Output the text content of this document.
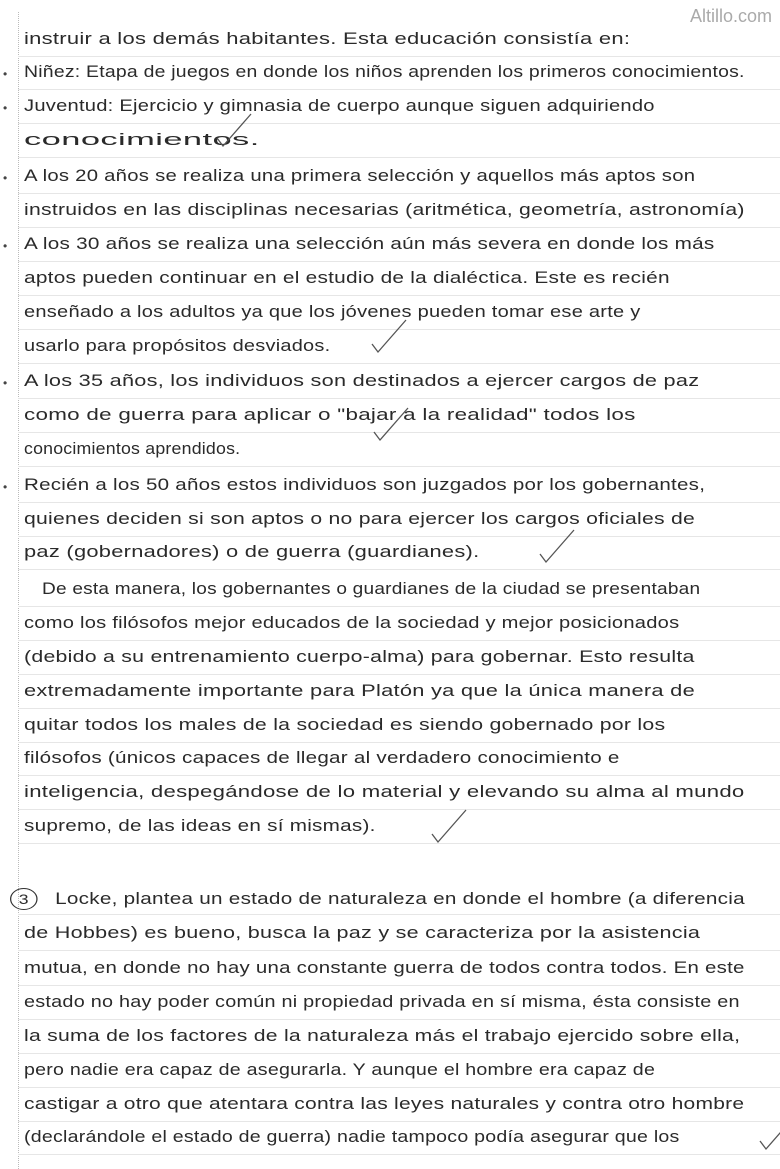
Altillo.com
instruir a los demás habitantes. Esta educación consistía en:
• Niñez: Etapa de juegos en donde los niños aprenden los primeros conocimientos.
• Juventud: Ejercicio y gimnasia de cuerpo aunque siguen adquiriendo
conocimientos.
• A los 20 años se realiza una primera selección y aquellos más aptos son
instruidos en las disciplinas necesarias (aritmética, geometría, astronomía)
• A los 30 años se realiza una selección aún más severa en donde los más
aptos pueden continuar en el estudio de la dialéctica. Este es recién
enseñado a los adultos ya que los jóvenes pueden tomar ese arte y
usarlo para propósitos desviados.
• A los 35 años, los individuos son destinados a ejercer cargos de paz
como de guerra para aplicar o "bajar a la realidad" todos los
conocimientos aprendidos.
• Recién a los 50 años estos individuos son juzgados por los gobernantes,
quienes deciden si son aptos o no para ejercer los cargos oficiales de
paz (gobernadores) o de guerra (guardianes).
De esta manera, los gobernantes o guardianes de la ciudad se presentaban
como los filósofos mejor educados de la sociedad y mejor posicionados
(debido a su entrenamiento cuerpo-alma) para gobernar. Esto resulta
extremadamente importante para Platón ya que la única manera de
quitar todos los males de la sociedad es siendo gobernado por los
filósofos (únicos capaces de llegar al verdadero conocimiento e
inteligencia, despegándose de lo material y elevando su alma al mundo
supremo, de las ideas en sí mismas).
3 Locke, plantea un estado de naturaleza en donde el hombre (a diferencia
de Hobbes) es bueno, busca la paz y se caracteriza por la asistencia
mutua, en donde no hay una constante guerra de todos contra todos. En este
estado no hay poder común ni propiedad privada en sí misma, ésta consiste en
la suma de los factores de la naturaleza más el trabajo ejercido sobre ella,
pero nadie era capaz de asegurarla. Y aunque el hombre era capaz de
castigar a otro que atentara contra las leyes naturales y contra otro hombre
(declarándole el estado de guerra) nadie tampoco podía asegurar que los
